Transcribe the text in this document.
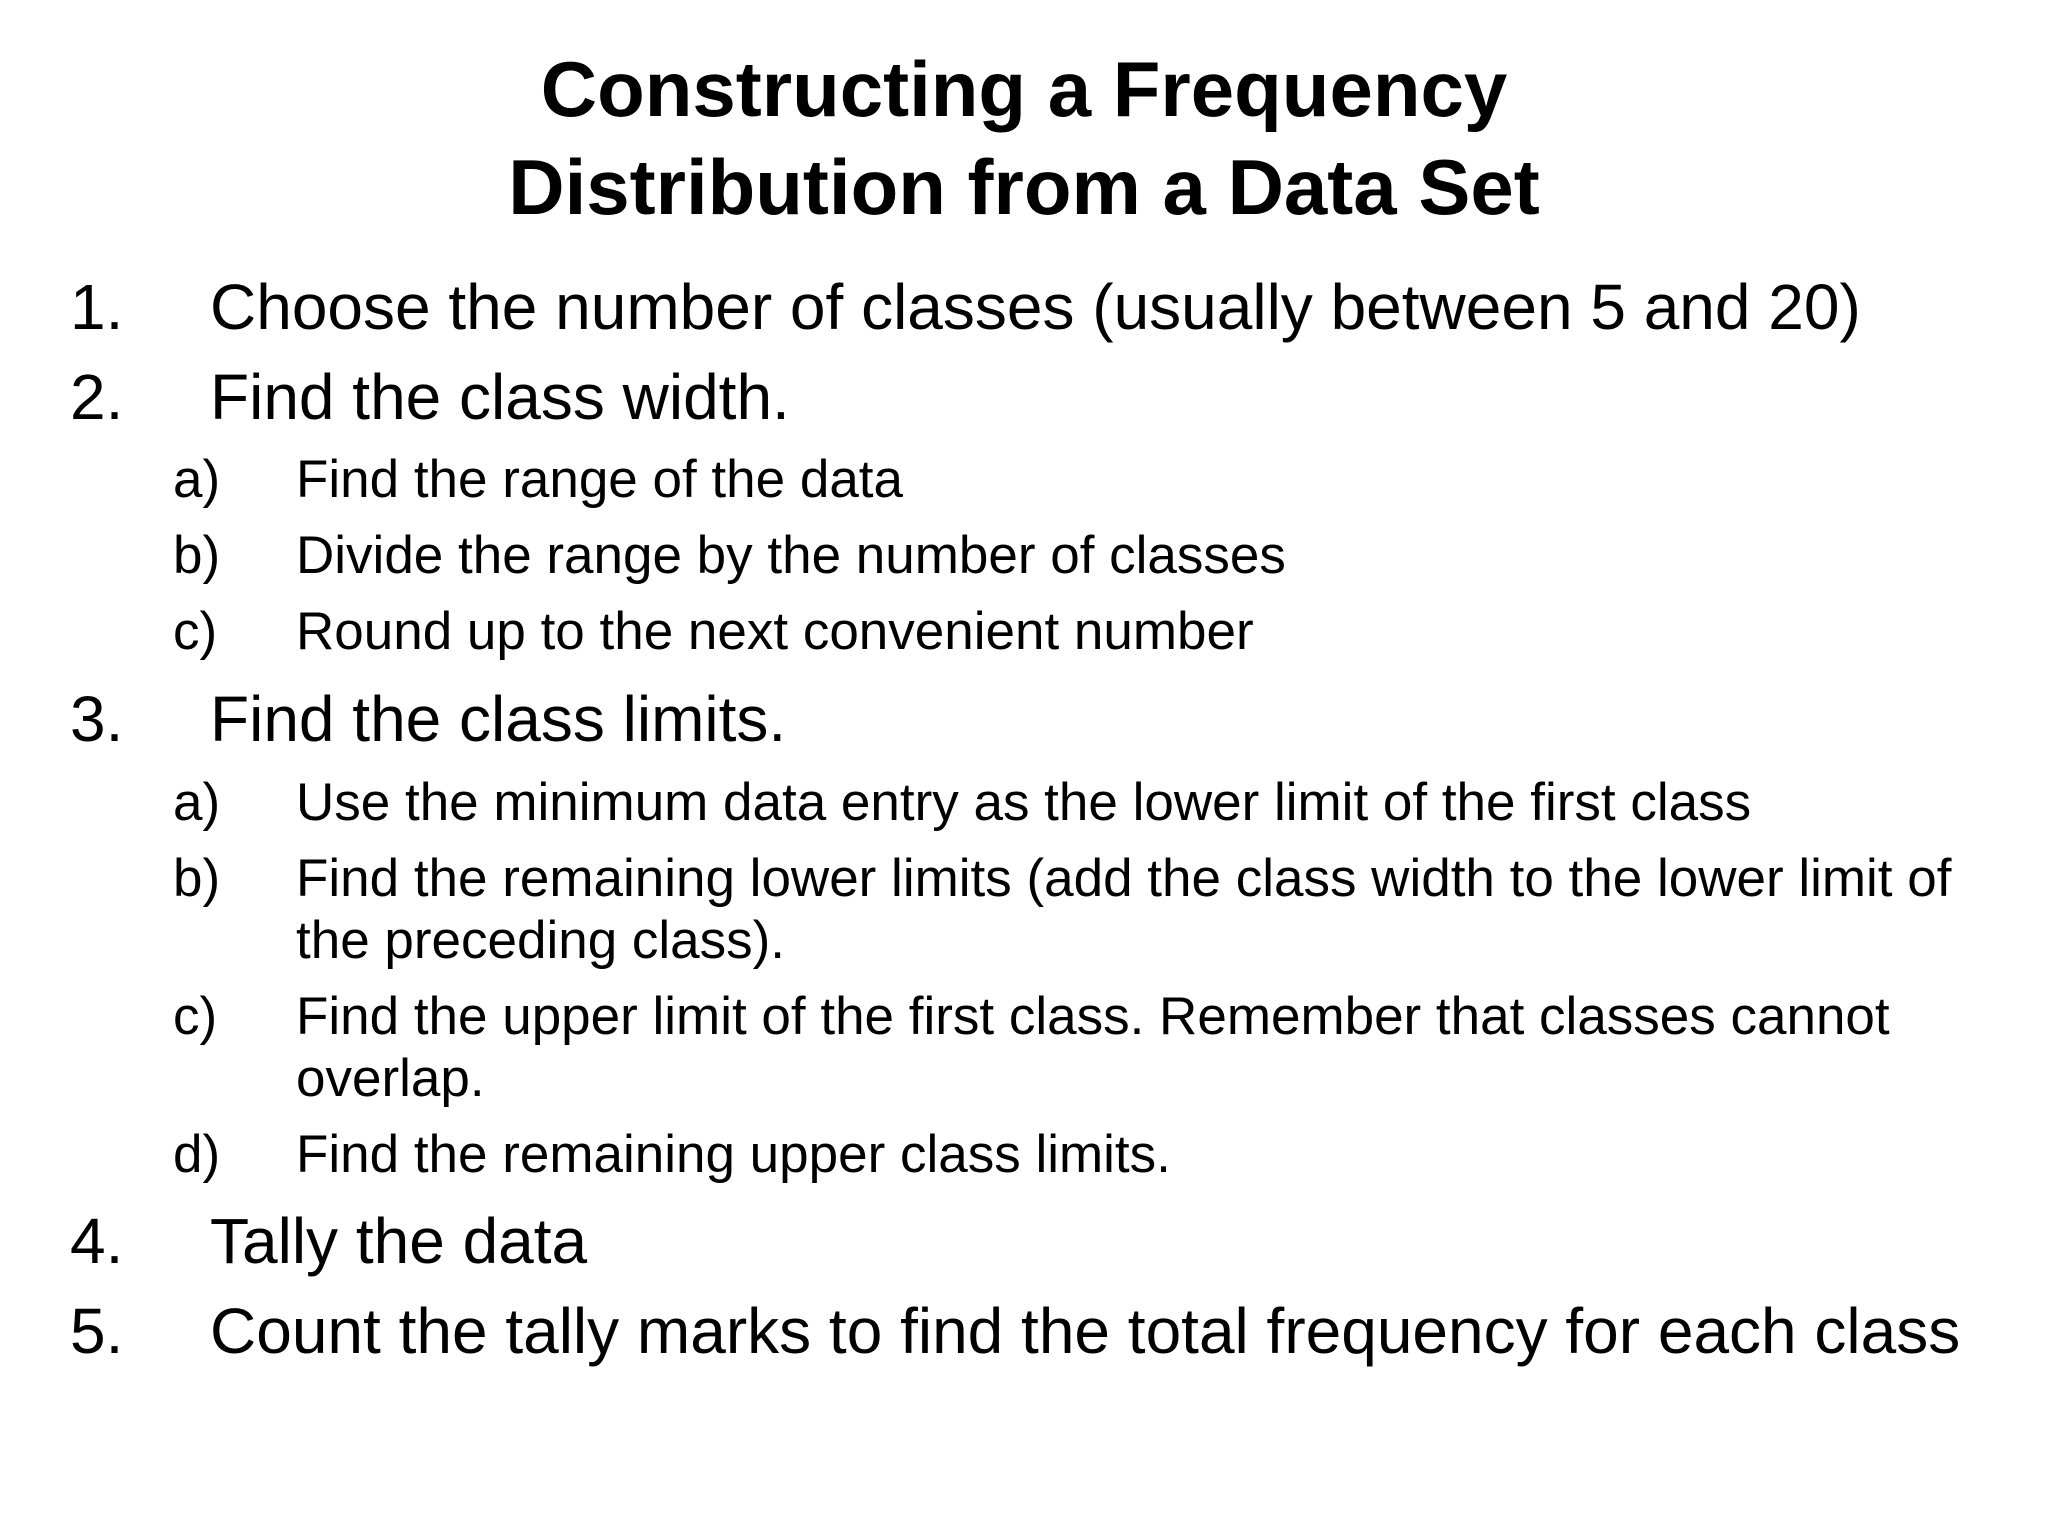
Constructing a Frequency
Distribution from a Data Set
1. Choose the number of classes (usually between 5 and 20)
2. Find the class width.
a) Find the range of the data
b) Divide the range by the number of classes
c) Round up to the next convenient number
3. Find the class limits.
a) Use the minimum data entry as the lower limit of the first class
b) Find the remaining lower limits (add the class width to the lower limit of the preceding class).
c) Find the upper limit of the first class. Remember that classes cannot overlap.
d) Find the remaining upper class limits.
4. Tally the data
5. Count the tally marks to find the total frequency for each class
